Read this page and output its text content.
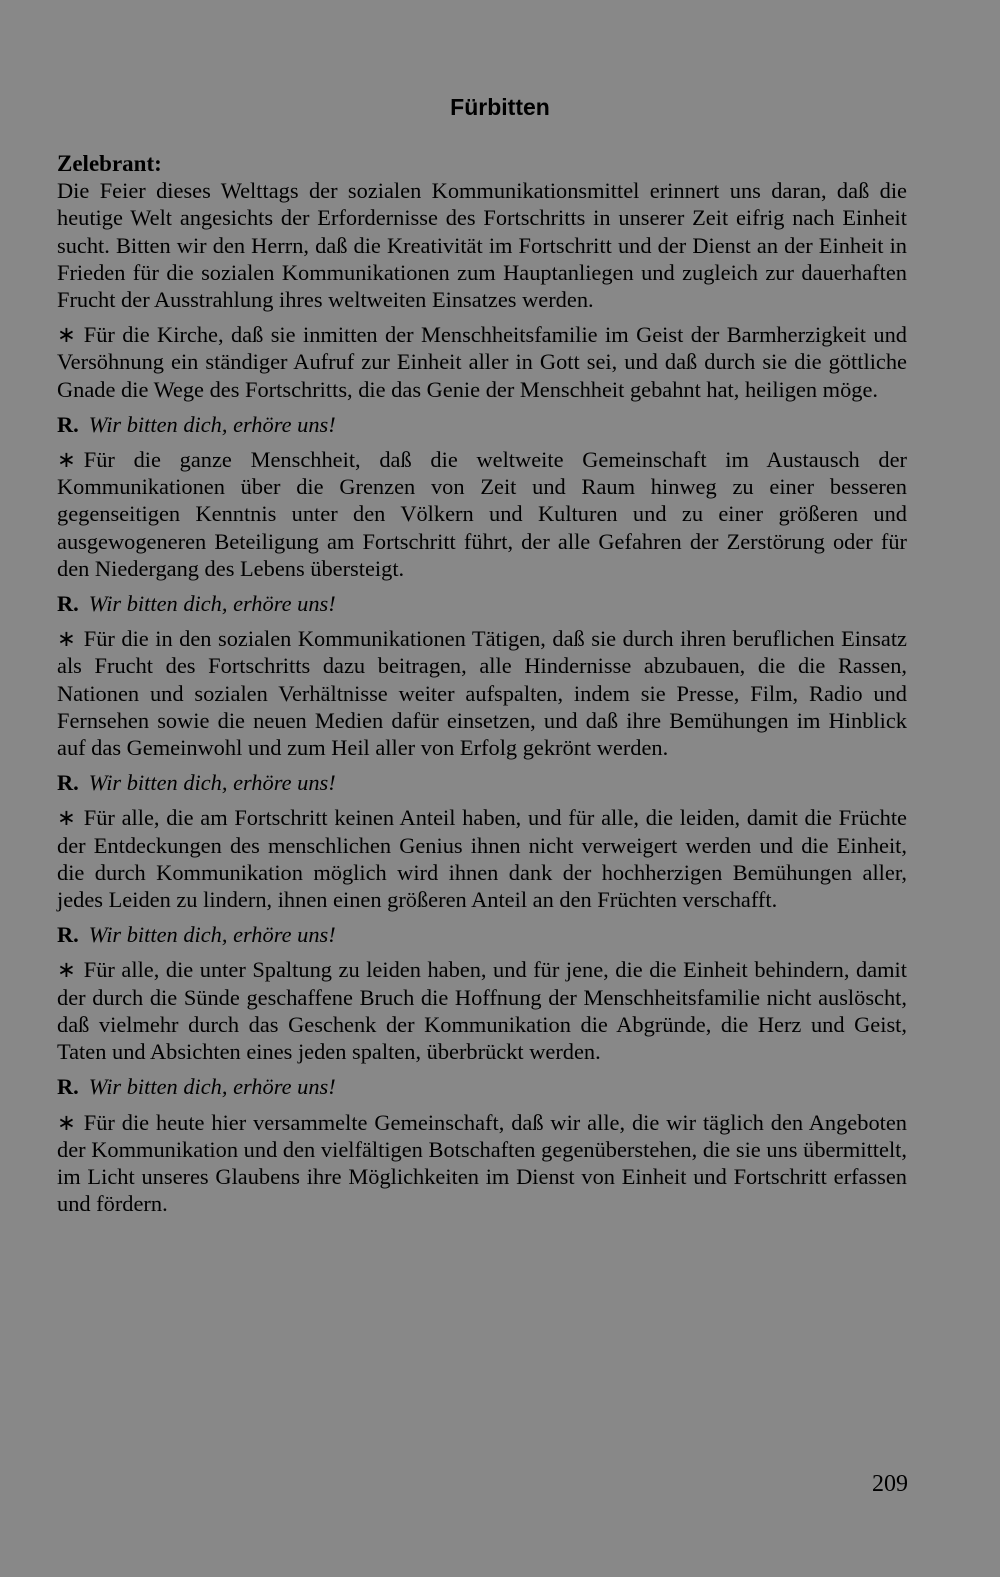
Fürbitten

Zelebrant:
Die Feier dieses Welttags der sozialen Kommunikationsmittel erinnert uns daran, daß die heutige Welt angesichts der Erfordernisse des Fortschritts in unserer Zeit eifrig nach Einheit sucht. Bitten wir den Herrn, daß die Kreativität im Fortschritt und der Dienst an der Einheit in Frieden für die sozialen Kommunikationen zum Hauptanliegen und zugleich zur dauerhaften Frucht der Ausstrahlung ihres weltweiten Einsatzes werden.

∗ Für die Kirche, daß sie inmitten der Menschheitsfamilie im Geist der Barmherzigkeit und Versöhnung ein ständiger Aufruf zur Einheit aller in Gott sei, und daß durch sie die göttliche Gnade die Wege des Fortschritts, die das Genie der Menschheit gebahnt hat, heiligen möge.

R. Wir bitten dich, erhöre uns!

∗ Für die ganze Menschheit, daß die weltweite Gemeinschaft im Austausch der Kommunikationen über die Grenzen von Zeit und Raum hinweg zu einer besseren gegenseitigen Kenntnis unter den Völkern und Kulturen und zu einer größeren und ausgewogeneren Beteiligung am Fortschritt führt, der alle Gefahren der Zerstörung oder für den Niedergang des Lebens übersteigt.

R. Wir bitten dich, erhöre uns!

∗ Für die in den sozialen Kommunikationen Tätigen, daß sie durch ihren beruflichen Einsatz als Frucht des Fortschritts dazu beitragen, alle Hindernisse abzubauen, die die Rassen, Nationen und sozialen Verhältnisse weiter aufspalten, indem sie Presse, Film, Radio und Fernsehen sowie die neuen Medien dafür einsetzen, und daß ihre Bemühungen im Hinblick auf das Gemeinwohl und zum Heil aller von Erfolg gekrönt werden.

R. Wir bitten dich, erhöre uns!

∗ Für alle, die am Fortschritt keinen Anteil haben, und für alle, die leiden, damit die Früchte der Entdeckungen des menschlichen Genius ihnen nicht verweigert werden und die Einheit, die durch Kommunikation möglich wird ihnen dank der hochherzigen Bemühungen aller, jedes Leiden zu lindern, ihnen einen größeren Anteil an den Früchten verschafft.

R. Wir bitten dich, erhöre uns!

∗ Für alle, die unter Spaltung zu leiden haben, und für jene, die die Einheit behindern, damit der durch die Sünde geschaffene Bruch die Hoffnung der Menschheitsfamilie nicht auslöscht, daß vielmehr durch das Geschenk der Kommunikation die Abgründe, die Herz und Geist, Taten und Absichten eines jeden spalten, überbrückt werden.

R. Wir bitten dich, erhöre uns!

∗ Für die heute hier versammelte Gemeinschaft, daß wir alle, die wir täglich den Angeboten der Kommunikation und den vielfältigen Botschaften gegenüberstehen, die sie uns übermittelt, im Licht unseres Glaubens ihre Möglichkeiten im Dienst von Einheit und Fortschritt erfassen und fördern.

209
